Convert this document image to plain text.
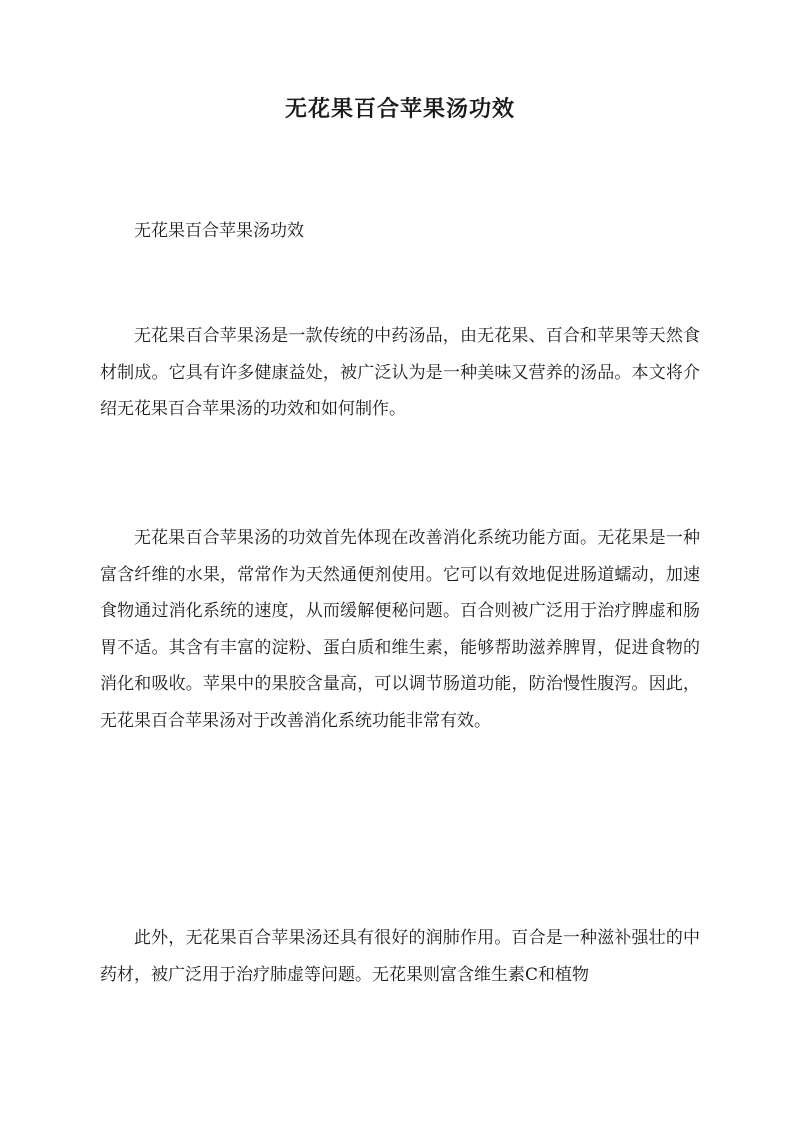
无花果百合苹果汤功效

无花果百合苹果汤功效

无花果百合苹果汤是一款传统的中药汤品，由无花果、百合和苹果等天然食材制成。它具有许多健康益处，被广泛认为是一种美味又营养的汤品。本文将介绍无花果百合苹果汤的功效和如何制作。

无花果百合苹果汤的功效首先体现在改善消化系统功能方面。无花果是一种富含纤维的水果，常常作为天然通便剂使用。它可以有效地促进肠道蠕动，加速食物通过消化系统的速度，从而缓解便秘问题。百合则被广泛用于治疗脾虚和肠胃不适。其含有丰富的淀粉、蛋白质和维生素，能够帮助滋养脾胃，促进食物的消化和吸收。苹果中的果胶含量高，可以调节肠道功能，防治慢性腹泻。因此，无花果百合苹果汤对于改善消化系统功能非常有效。

此外，无花果百合苹果汤还具有很好的润肺作用。百合是一种滋补强壮的中药材，被广泛用于治疗肺虚等问题。无花果则富含维生素C和植物
